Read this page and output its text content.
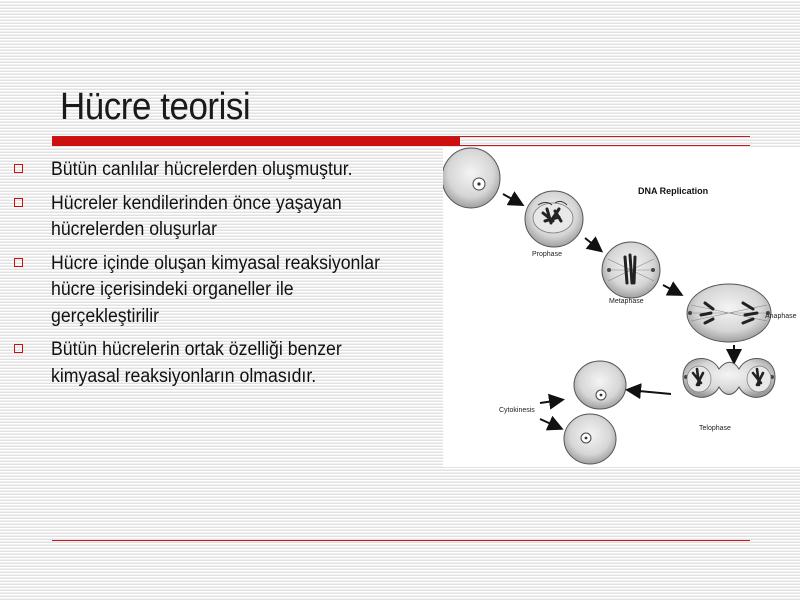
Hücre teorisi
Bütün canlılar hücrelerden oluşmuştur.
Hücreler kendilerinden önce yaşayan
hücrelerden oluşurlar
Hücre içinde oluşan kimyasal reaksiyonlar
hücre içerisindeki organeller ile
gerçekleştirilir
Bütün hücrelerin ortak özelliği benzer
kimyasal reaksiyonların olmasıdır.
Prophase
DNA Replication
Metaphase
Anaphase
Telophase
Cytokinesis
